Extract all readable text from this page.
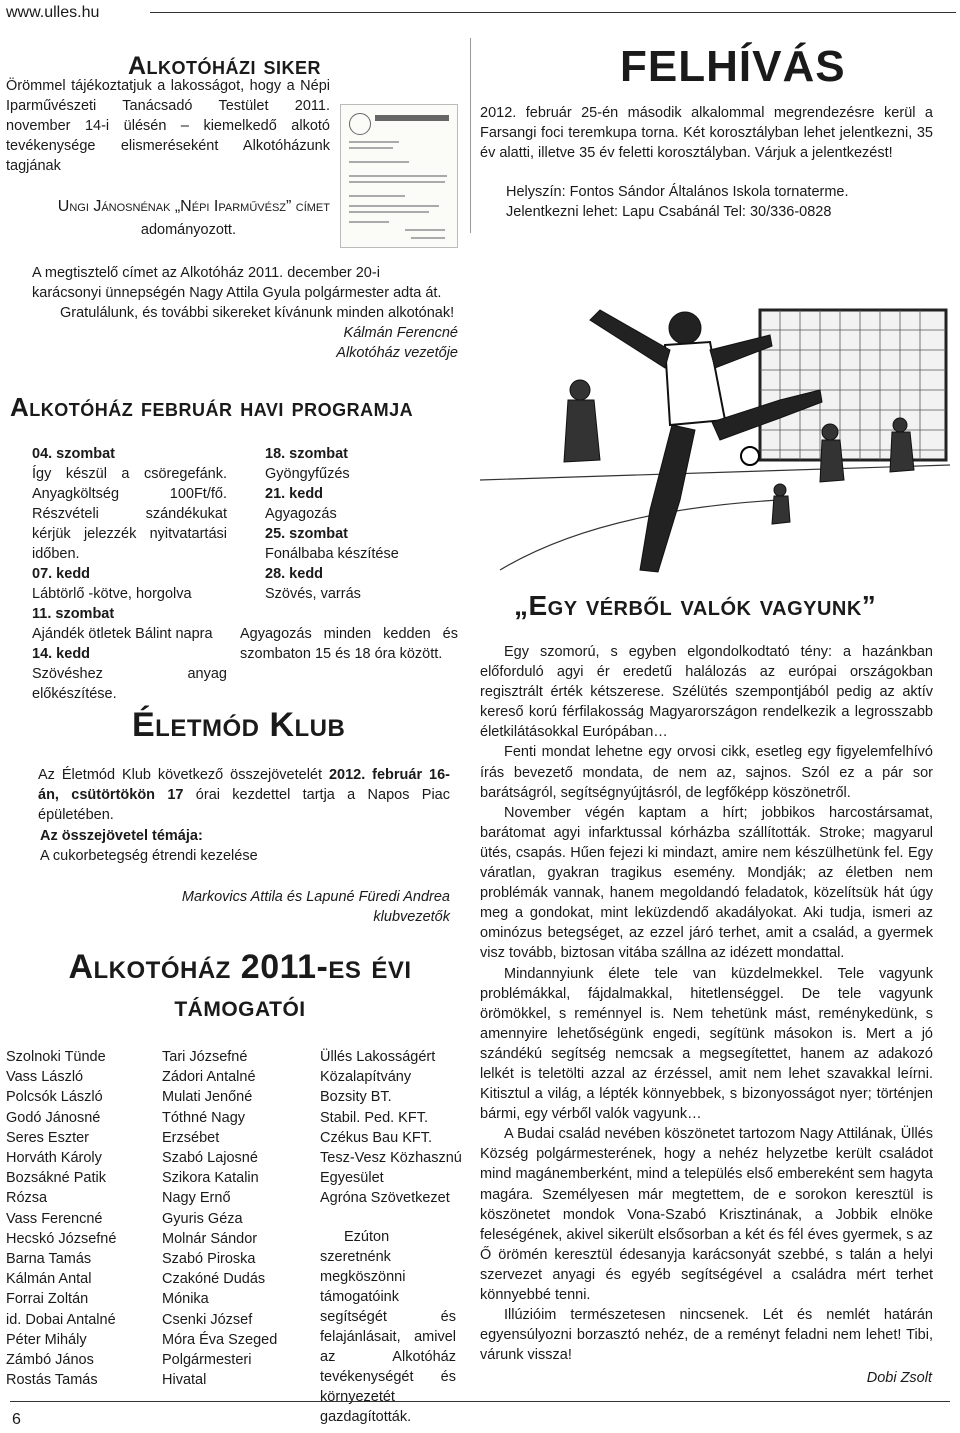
www.ulles.hu
Alkotóházi siker
Örömmel tájékoztatjuk a lakosságot, hogy a Népi Iparművészeti Tanácsadó Testület 2011. november 14-i ülésén – kiemelkedő alkotó tevékenysége elismeréseként Alkotóházunk tagjának
Ungi Jánosnénak „Népi Iparművész” címet
adományozott.
A megtisztelő címet az Alkotóház 2011. december 20-i karácsonyi ünnepségén Nagy Attila Gyula polgármester adta át.
Gratulálunk, és további sikereket kívánunk minden alkotónak!
Kálmán Ferencné
Alkotóház vezetője
FELHÍVÁS
2012. február 25-én második alkalommal megrendezésre kerül a Farsangi foci teremkupa torna. Két korosztályban lehet jelentkezni, 35 év alatti, illetve 35 év feletti korosztályban. Várjuk a jelentkezést!
Helyszín: Fontos Sándor Általános Iskola tornaterme.
Jelentkezni lehet: Lapu Csabánál Tel: 30/336-0828
Alkotóház február havi programja
04. szombat
Így készül a csöregefánk. Anyagköltség 100Ft/fő. Részvételi szándékukat kérjük jelezzék nyitvatartási időben.
07. kedd
Lábtörlő -kötve, horgolva
11. szombat
Ajándék ötletek Bálint napra
14. kedd
Szövéshez anyag előkészítése.
18. szombat
Gyöngyfűzés
21. kedd
Agyagozás
25. szombat
Fonálbaba készítése
28. kedd
Szövés, varrás
Agyagozás minden kedden és szombaton 15 és 18 óra között.
Életmód Klub
Az Életmód Klub következő összejövetelét 2012. február 16-án, csütörtökön 17 órai kezdettel tartja a Napos Piac épületében.
Az összejövetel témája:
A cukorbetegség étrendi kezelése
Markovics Attila és Lapuné Füredi Andrea
klubvezetők
Alkotóház 2011-es évi
támogatói
Szolnoki Tünde
Vass László
Polcsók László
Godó Jánosné
Seres Eszter
Horváth Károly
Bozsákné Patik
Rózsa
Vass Ferencné
Hecskó Józsefné
Barna Tamás
Kálmán Antal
Forrai Zoltán
id. Dobai Antalné
Péter Mihály
Zámbó János
Rostás Tamás
Tari Józsefné
Zádori Antalné
Mulati Jenőné
Tóthné Nagy
Erzsébet
Szabó Lajosné
Szikora Katalin
Nagy Ernő
Gyuris Géza
Molnár Sándor
Szabó Piroska
Czakóné Dudás
Mónika
Csenki József
Móra Éva Szeged
Polgármesteri
Hivatal
Üllés Lakosságért
Közalapítvány
Bozsity BT.
Stabil. Ped. KFT.
Czékus Bau KFT.
Tesz-Vesz Közhasznú
Egyesület
Agróna Szövetkezet
Ezúton szeretnénk megköszönni támogatóink segítségét és felajánlásait, amivel az Alkotóház tevékenységét és környezetét gazdagították.
„Egy vérből valók vagyunk”
Egy szomorú, s egyben elgondolkodtató tény: a hazánkban előforduló agyi ér eredetű halálozás az európai országokban regisztrált érték kétszerese. Szélütés szempontjából pedig az aktív kereső korú férfilakosság Magyarországon rendelkezik a legrosszabb életkilátásokkal Európában…
Fenti mondat lehetne egy orvosi cikk, esetleg egy figyelemfelhívó írás bevezető mondata, de nem az, sajnos. Szól ez a pár sor barátságról, segítségnyújtásról, de legfőképp köszönetről.
November végén kaptam a hírt; jobbikos harcostársamat, barátomat agyi infarktussal kórházba szállították. Stroke; magyarul ütés, csapás. Hűen fejezi ki mindazt, amire nem készülhetünk fel. Egy váratlan, gyakran tragikus esemény. Mondják; az életben nem problémák vannak, hanem megoldandó feladatok, közelítsük hát úgy meg a gondokat, mint leküzdendő akadályokat. Aki tudja, ismeri az ominózus betegséget, az ezzel járó terhet, amit a család, a gyermek visz tovább, biztosan vitába szállna az idézett mondattal.
Mindannyiunk élete tele van küzdelmekkel. Tele vagyunk problémákkal, fájdalmakkal, hitetlenséggel. De tele vagyunk örömökkel, s reménnyel is. Nem tehetünk mást, reménykedünk, s amennyire lehetőségünk engedi, segítünk másokon is. Mert a jó szándékú segítség nemcsak a megsegítettet, hanem az adakozó lelkét is teletölti azzal az érzéssel, amit nem lehet szavakkal leírni. Kitisztul a világ, a lépték könnyebbek, s bizonyosságot nyer; történjen bármi, egy vérből valók vagyunk…
A Budai család nevében köszönetet tartozom Nagy Attilának, Üllés Község polgármesterének, hogy a nehéz helyzetbe került családot mind magánemberként, mind a település első embereként sem hagyta magára. Személyesen már megtettem, de e sorokon keresztül is köszönetet mondok Vona-Szabó Krisztinának, a Jobbik elnöke feleségének, akivel sikerült elsősorban a két és fél éves gyermek, s az Ő örömén keresztül édesanyja karácsonyát szebbé, s talán a helyi szervezet anyagi és egyéb segítségével a családra mért terhet könnyebbé tenni.
Illúzióim természetesen nincsenek. Lét és nemlét határán egyensúlyozni borzasztó nehéz, de a reményt feladni nem lehet! Tibi, várunk vissza!
Dobi Zsolt
6
